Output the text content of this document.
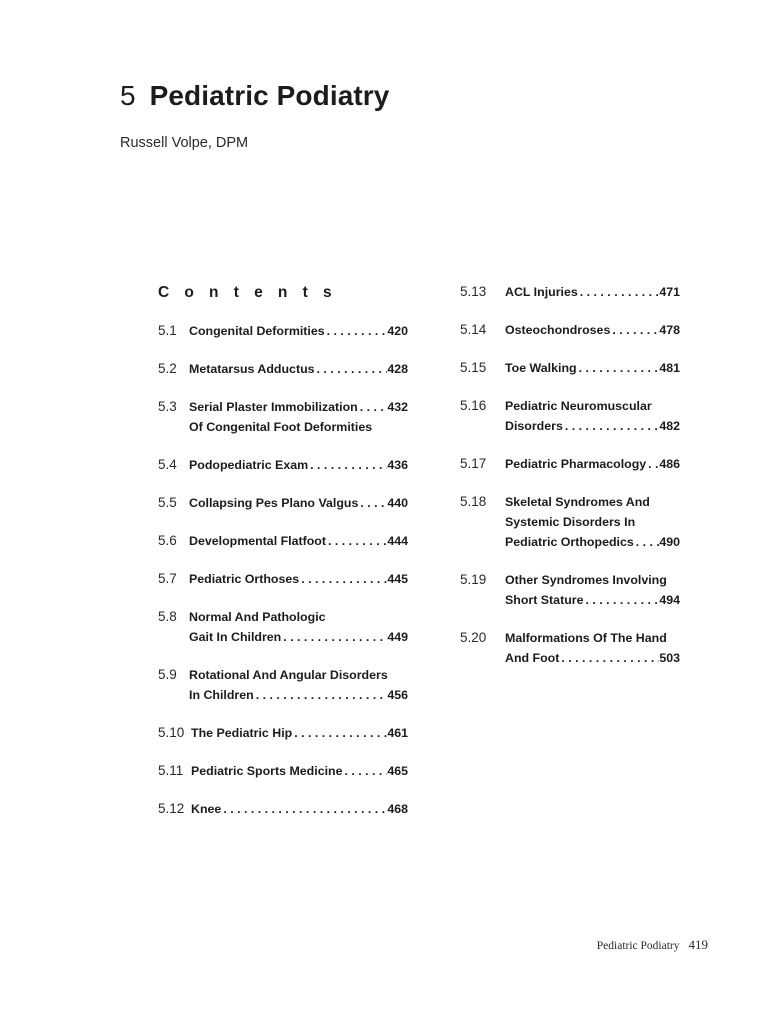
5 Pediatric Podiatry
Russell Volpe, DPM
Contents
5.1 Congenital Deformities . . .	420
5.2 Metatarsus Adductus . . .	428
5.3 Serial Plaster Immobilization . . . 432
Of Congenital Foot Deformities
5.4 Podopediatric Exam . . .	436
5.5 Collapsing Pes Plano Valgus . . . 440
5.6 Developmental Flatfoot . . .	444
5.7 Pediatric Orthoses . . .	445
5.8 Normal And Pathologic
Gait In Children . . .	449
5.9 Rotational And Angular Disorders
In Children . . .	456
5.10 The Pediatric Hip . . .	461
5.11 Pediatric Sports Medicine . . .	465
5.12 Knee . . .	468
5.13 ACL Injuries . . .	471
5.14 Osteochondroses . . .	478
5.15 Toe Walking . . .	481
5.16 Pediatric Neuromuscular
Disorders . . .	482
5.17 Pediatric Pharmacology . . . 486
5.18 Skeletal Syndromes And
Systemic Disorders In
Pediatric Orthopedics . . . 490
5.19 Other Syndromes Involving
Short Stature . . .	494
5.20 Malformations Of The Hand
And Foot . . .	503
Pediatric Podiatry 419
